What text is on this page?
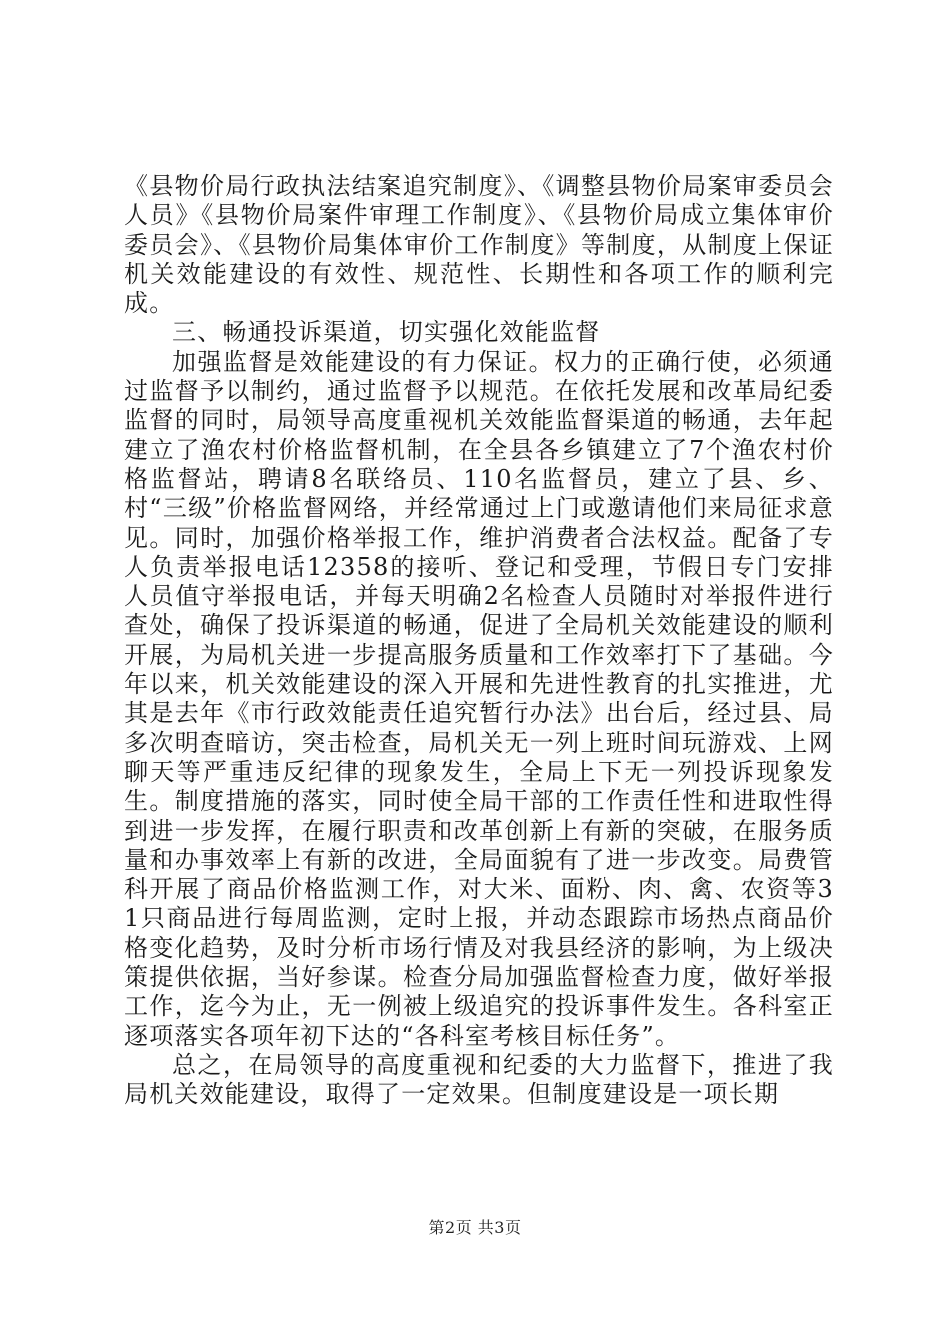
《县物价局行政执法结案追究制度》、《调整县物价局案审委员会人员》《县物价局案件审理工作制度》、《县物价局成立集体审价委员会》、《县物价局集体审价工作制度》等制度，从制度上保证机关效能建设的有效性、规范性、长期性和各项工作的顺利完成。

三、畅通投诉渠道，切实强化效能监督

加强监督是效能建设的有力保证。权力的正确行使，必须通过监督予以制约，通过监督予以规范。在依托发展和改革局纪委监督的同时，局领导高度重视机关效能监督渠道的畅通，去年起建立了渔农村价格监督机制，在全县各乡镇建立了7个渔农村价格监督站，聘请8名联络员、110名监督员，建立了县、乡、村“三级”价格监督网络，并经常通过上门或邀请他们来局征求意见。同时，加强价格举报工作，维护消费者合法权益。配备了专人负责举报电话12358的接听、登记和受理，节假日专门安排人员值守举报电话，并每天明确2名检查人员随时对举报件进行查处，确保了投诉渠道的畅通，促进了全局机关效能建设的顺利开展，为局机关进一步提高服务质量和工作效率打下了基础。今年以来，机关效能建设的深入开展和先进性教育的扎实推进，尤其是去年《市行政效能责任追究暂行办法》出台后，经过县、局多次明查暗访，突击检查，局机关无一列上班时间玩游戏、上网聊天等严重违反纪律的现象发生，全局上下无一列投诉现象发生。制度措施的落实，同时使全局干部的工作责任性和进取性得到进一步发挥，在履行职责和改革创新上有新的突破，在服务质量和办事效率上有新的改进，全局面貌有了进一步改变。局费管科开展了商品价格监测工作，对大米、面粉、肉、禽、农资等31只商品进行每周监测，定时上报，并动态跟踪市场热点商品价格变化趋势，及时分析市场行情及对我县经济的影响，为上级决策提供依据，当好参谋。检查分局加强监督检查力度，做好举报工作，迄今为止，无一例被上级追究的投诉事件发生。各科室正逐项落实各项年初下达的“各科室考核目标任务”。

总之，在局领导的高度重视和纪委的大力监督下，推进了我局机关效能建设，取得了一定效果。但制度建设是一项长期

第2页 共3页
